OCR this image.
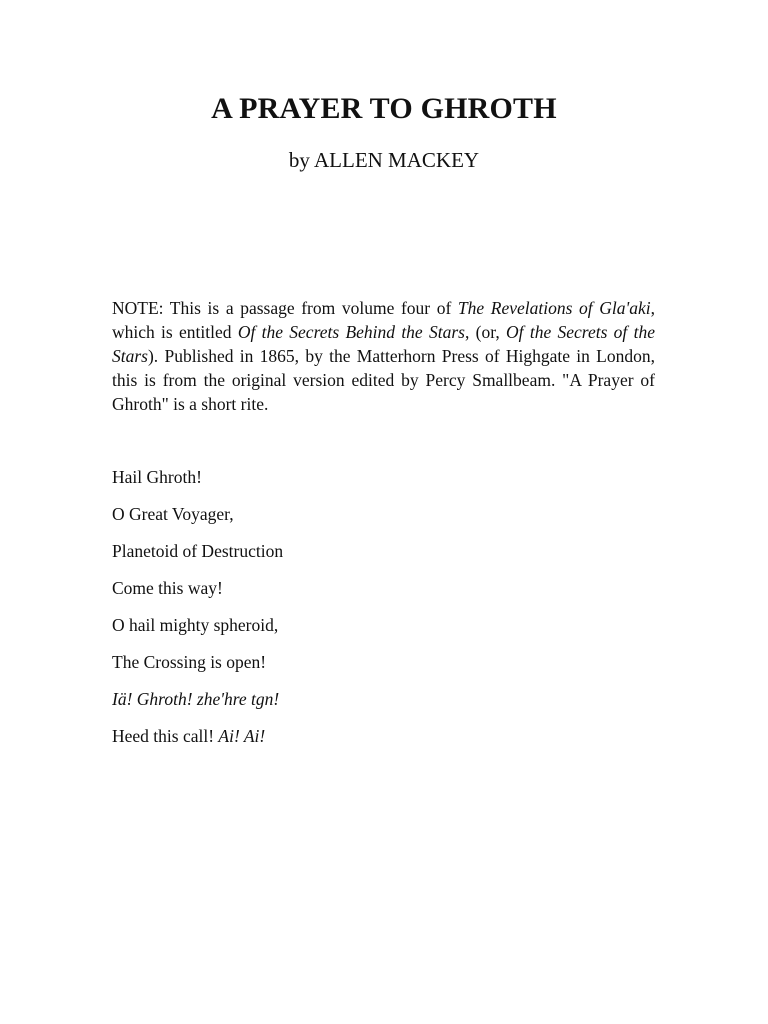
A PRAYER TO GHROTH

by ALLEN MACKEY

NOTE: This is a passage from volume four of The Revelations of Gla'aki, which is entitled Of the Secrets Behind the Stars, (or, Of the Secrets of the Stars). Published in 1865, by the Matterhorn Press of Highgate in London, this is from the original version edited by Percy Smallbeam. "A Prayer of Ghroth" is a short rite.

Hail Ghroth!
O Great Voyager,
Planetoid of Destruction
Come this way!
O hail mighty spheroid,
The Crossing is open!
Iä! Ghroth! zhe'hre tgn!
Heed this call! Ai! Ai!
